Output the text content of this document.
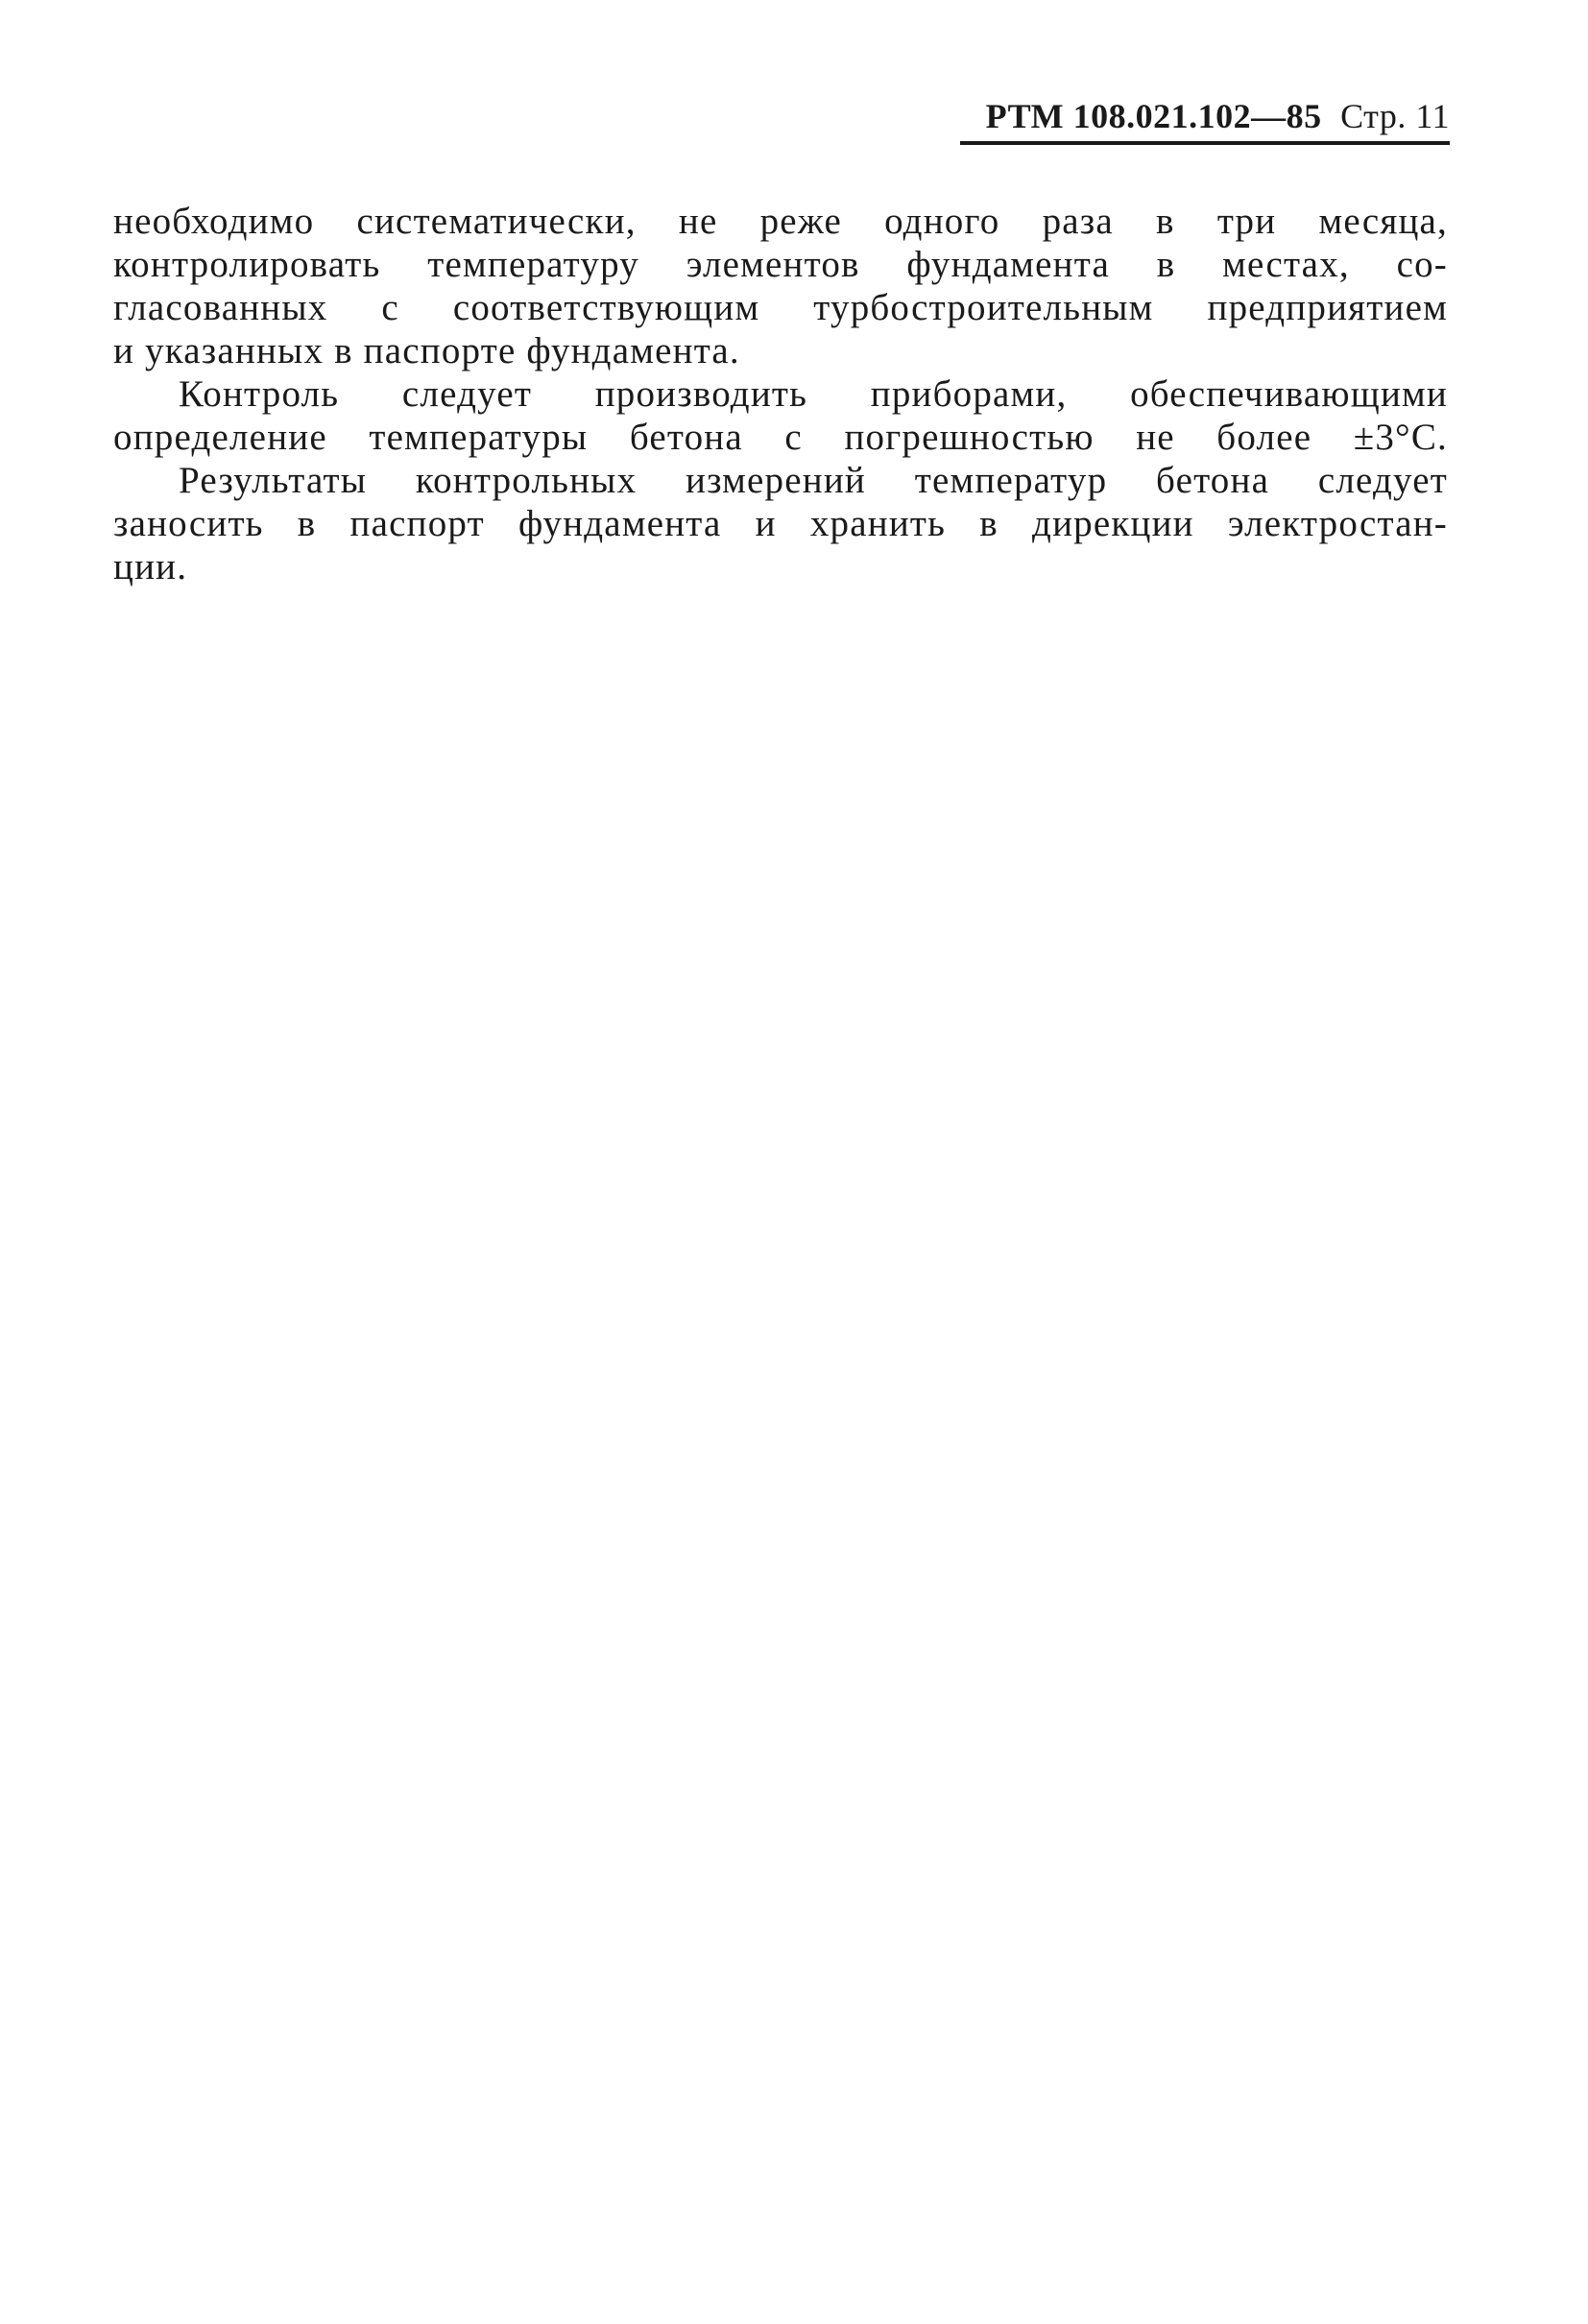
РТМ 108.021.102—85 Стр. 11
необходимо систематически, не реже одного раза в три месяца,
контролировать температуру элементов фундамента в местах, со-
гласованных с соответствующим турбостроительным предприятием
и указанных в паспорте фундамента.
Контроль следует производить приборами, обеспечивающими
определение температуры бетона с погрешностью не более ±3°С.
Результаты контрольных измерений температур бетона следует
заносить в паспорт фундамента и хранить в дирекции электростан-
ции.
